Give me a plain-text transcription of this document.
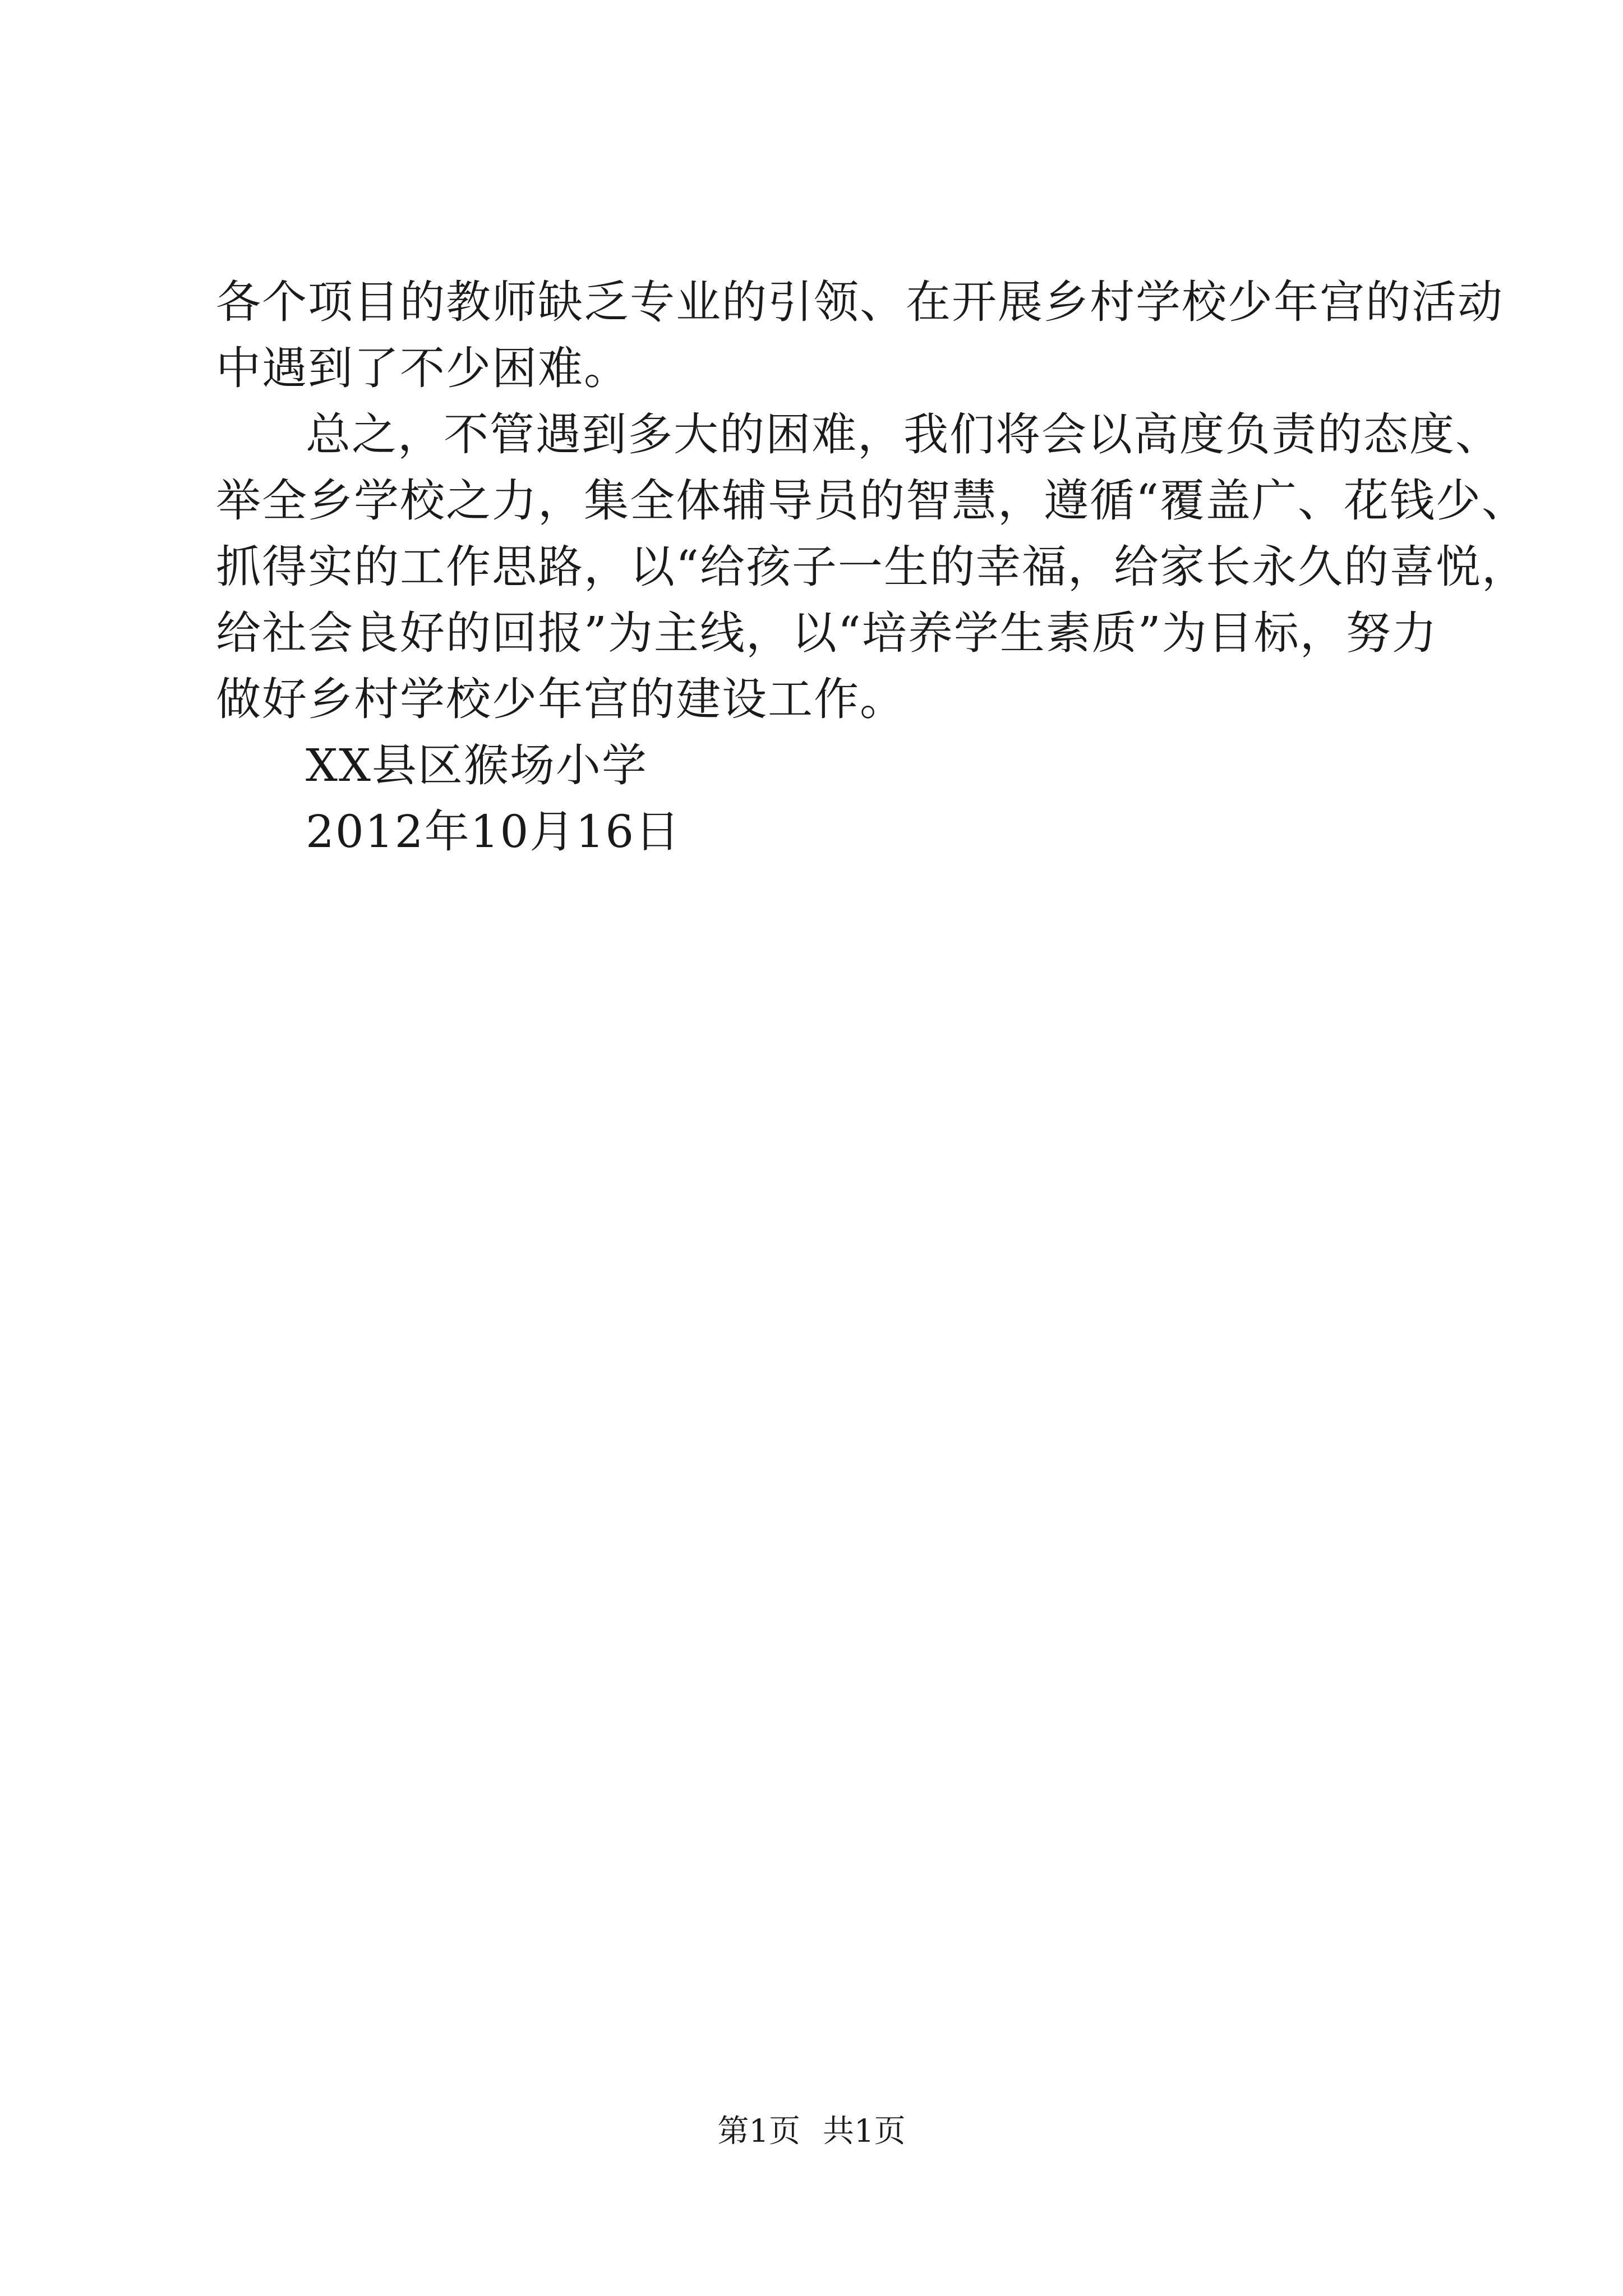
各个项目的教师缺乏专业的引领、在开展乡村学校少年宫的活动
中遇到了不少困难。
总之，不管遇到多大的困难，我们将会以高度负责的态度、
举全乡学校之力，集全体辅导员的智慧，遵循“覆盖广、花钱少、
抓得实的工作思路，以“给孩子一生的幸福，给家长永久的喜悦，
给社会良好的回报”为主线，以“培养学生素质”为目标，努力
做好乡村学校少年宫的建设工作。
XX县区猴场小学
2012年10月16日
第1页 共1页
